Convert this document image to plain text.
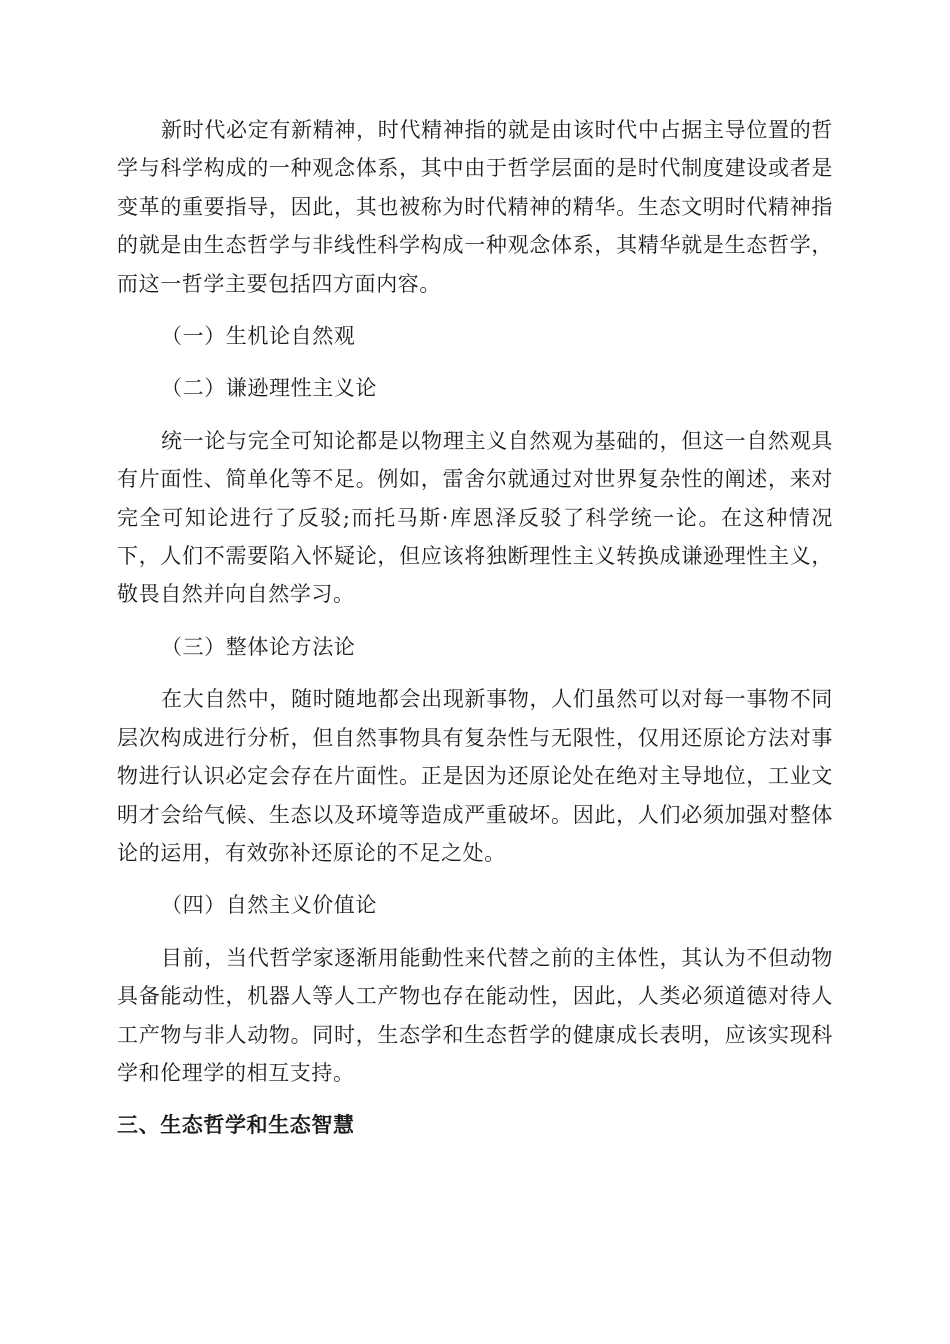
新时代必定有新精神，时代精神指的就是由该时代中占据主导位置的哲学与科学构成的一种观念体系，其中由于哲学层面的是时代制度建设或者是变革的重要指导，因此，其也被称为时代精神的精华。生态文明时代精神指的就是由生态哲学与非线性科学构成一种观念体系，其精华就是生态哲学，而这一哲学主要包括四方面内容。

（一）生机论自然观

（二）谦逊理性主义论

统一论与完全可知论都是以物理主义自然观为基础的，但这一自然观具有片面性、简单化等不足。例如，雷舍尔就通过对世界复杂性的阐述，来对完全可知论进行了反驳;而托马斯·库恩泽反驳了科学统一论。在这种情况下，人们不需要陷入怀疑论，但应该将独断理性主义转换成谦逊理性主义，敬畏自然并向自然学习。

（三）整体论方法论

在大自然中，随时随地都会出现新事物，人们虽然可以对每一事物不同层次构成进行分析，但自然事物具有复杂性与无限性，仅用还原论方法对事物进行认识必定会存在片面性。正是因为还原论处在绝对主导地位，工业文明才会给气候、生态以及环境等造成严重破坏。因此，人们必须加强对整体论的运用，有效弥补还原论的不足之处。

（四）自然主义价值论

目前，当代哲学家逐渐用能動性来代替之前的主体性，其认为不但动物具备能动性，机器人等人工产物也存在能动性，因此，人类必须道德对待人工产物与非人动物。同时，生态学和生态哲学的健康成长表明，应该实现科学和伦理学的相互支持。

三、生态哲学和生态智慧
